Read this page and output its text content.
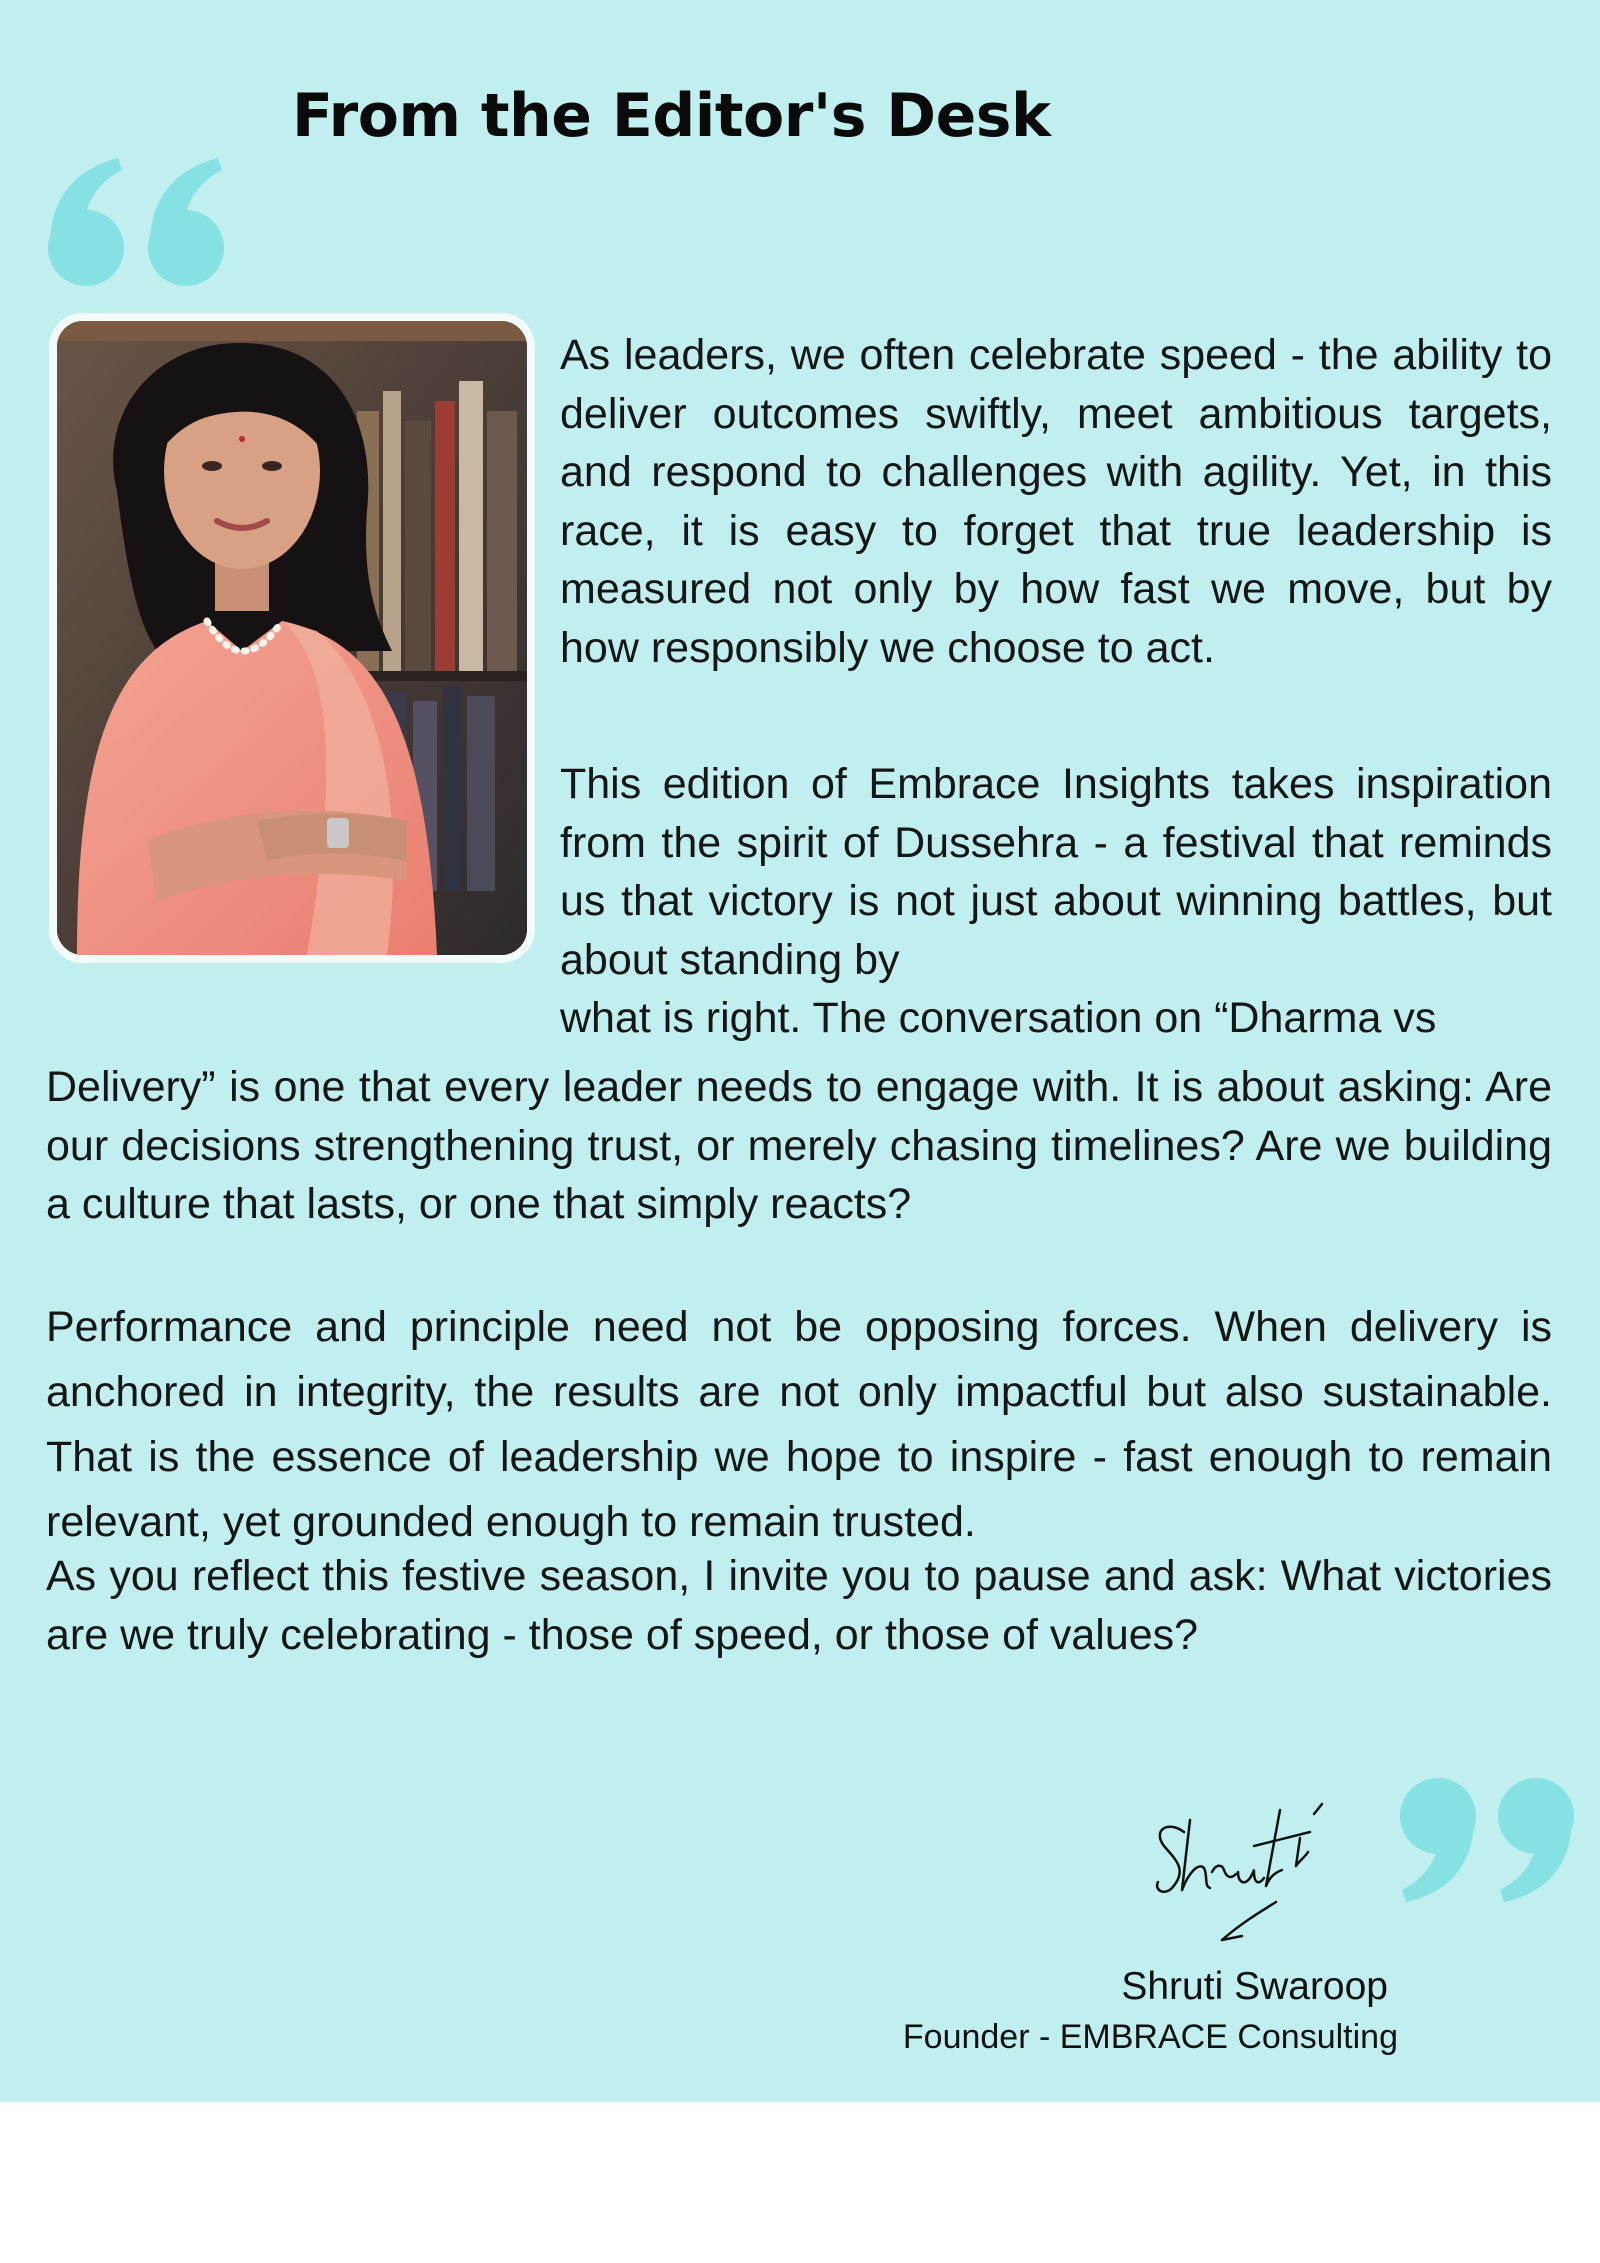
From the Editor's Desk
As leaders, we often celebrate speed - the ability to deliver outcomes swiftly, meet ambitious targets, and respond to challenges with agility. Yet, in this race, it is easy to forget that true leadership is measured not only by how fast we move, but by how responsibly we choose to act.
This edition of Embrace Insights takes inspiration from the spirit of Dussehra - a festival that reminds us that victory is not just about winning battles, but about standing by
what is right. The conversation on “Dharma vs
Delivery” is one that every leader needs to engage with. It is about asking: Are our decisions strengthening trust, or merely chasing timelines? Are we building a culture that lasts, or one that simply reacts?
Performance and principle need not be opposing forces. When delivery is anchored in integrity, the results are not only impactful but also sustainable. That is the essence of leadership we hope to inspire - fast enough to remain relevant, yet grounded enough to remain trusted.
As you reflect this festive season, I invite you to pause and ask: What victories are we truly celebrating - those of speed, or those of values?
Shruti Swaroop
Founder - EMBRACE Consulting
